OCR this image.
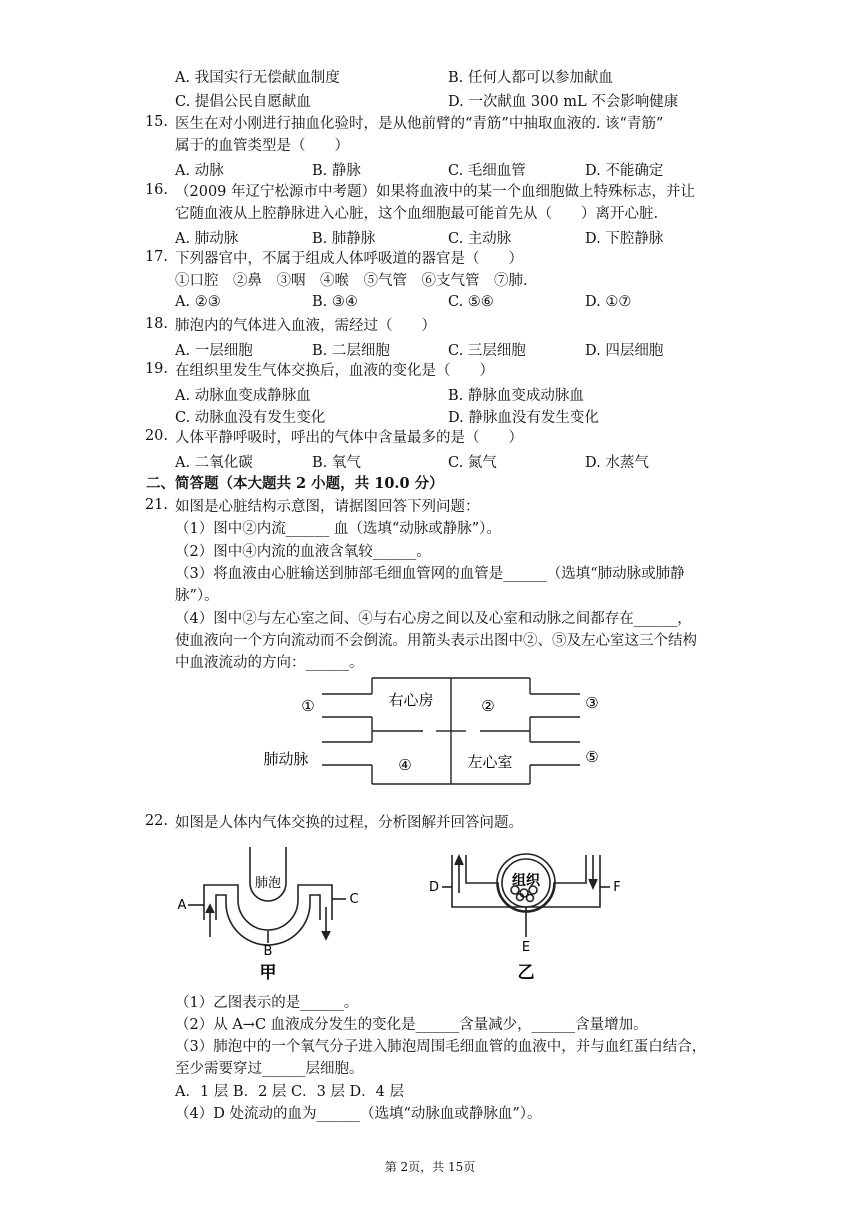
A. 我国实行无偿献血制度	B. 任何人都可以参加献血
C. 提倡公民自愿献血	D. 一次献血 300 mL 不会影响健康
15. 医生在对小刚进行抽血化验时，是从他前臂的“青筋”中抽取血液的. 该“青筋”
属于的血管类型是（　　）
A. 动脉	B. 静脉	C. 毛细血管	D. 不能确定
16. （2009 年辽宁松源市中考题）如果将血液中的某一个血细胞做上特殊标志，并让
它随血液从上腔静脉进入心脏，这个血细胞最可能首先从（　　）离开心脏.
A. 肺动脉	B. 肺静脉	C. 主动脉	D. 下腔静脉
17. 下列器官中，不属于组成人体呼吸道的器官是（　　）
①口腔　②鼻　③咽　④喉　⑤气管　⑥支气管　⑦肺.
A. ②③	B. ③④	C. ⑤⑥	D. ①⑦
18. 肺泡内的气体进入血液，需经过（　　）
A. 一层细胞	B. 二层细胞	C. 三层细胞	D. 四层细胞
19. 在组织里发生气体交换后，血液的变化是（　　）
A. 动脉血变成静脉血	B. 静脉血变成动脉血
C. 动脉血没有发生变化	D. 静脉血没有发生变化
20. 人体平静呼吸时，呼出的气体中含量最多的是（　　）
A. 二氧化碳	B. 氧气	C. 氮气	D. 水蒸气
二、简答题（本大题共 2 小题，共 10.0 分）
21. 如图是心脏结构示意图，请据图回答下列问题：
（1）图中②内流______ 血（选填“动脉或静脉”）。
（2）图中④内流的血液含氧较______。
（3）将血液由心脏输送到肺部毛细血管网的血管是______（选填“肺动脉或肺静
脉”）。
（4）图中②与左心室之间、④与右心房之间以及心室和动脉之间都存在______，
使血液向一个方向流动而不会倒流。用箭头表示出图中②、⑤及左心室这三个结构
中血液流动的方向：______。
①	右心房	②	③
肺动脉	④	左心室	⑤
22. 如图是人体内气体交换的过程，分析图解并回答问题。
肺泡
A	C
B
甲
组织
D	F
E
乙
（1）乙图表示的是______。
（2）从 A→C 血液成分发生的变化是______含量减少，______含量增加。
（3）肺泡中的一个氧气分子进入肺泡周围毛细血管的血液中，并与血红蛋白结合，
至少需要穿过______层细胞。
A．1 层 B．2 层 C．3 层 D．4 层
（4）D 处流动的血为______（选填“动脉血或静脉血”）。
第 2页，共 15页
